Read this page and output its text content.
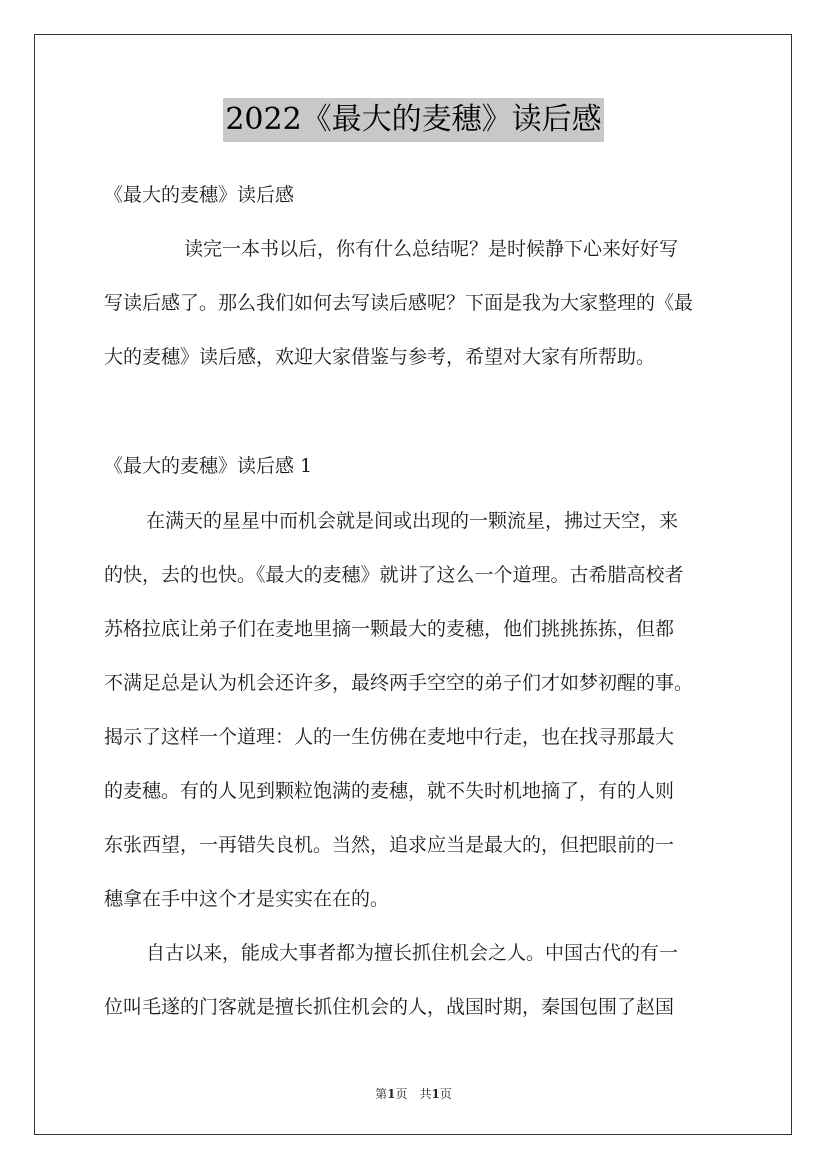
2022《最大的麦穗》读后感
《最大的麦穗》读后感
读完一本书以后，你有什么总结呢？是时候静下心来好好写
写读后感了。那么我们如何去写读后感呢？下面是我为大家整理的《最
大的麦穗》读后感，欢迎大家借鉴与参考，希望对大家有所帮助。
《最大的麦穗》读后感 1
在满天的星星中而机会就是间或出现的一颗流星，拂过天空，来
的快，去的也快。《最大的麦穗》就讲了这么一个道理。古希腊高校者
苏格拉底让弟子们在麦地里摘一颗最大的麦穗，他们挑挑拣拣，但都
不满足总是认为机会还许多，最终两手空空的弟子们才如梦初醒的事。
揭示了这样一个道理：人的一生仿佛在麦地中行走，也在找寻那最大
的麦穗。有的人见到颗粒饱满的麦穗，就不失时机地摘了，有的人则
东张西望，一再错失良机。当然，追求应当是最大的，但把眼前的一
穗拿在手中这个才是实实在在的。
自古以来，能成大事者都为擅长抓住机会之人。中国古代的有一
位叫毛遂的门客就是擅长抓住机会的人，战国时期，秦国包围了赵国
第1页　共1页
